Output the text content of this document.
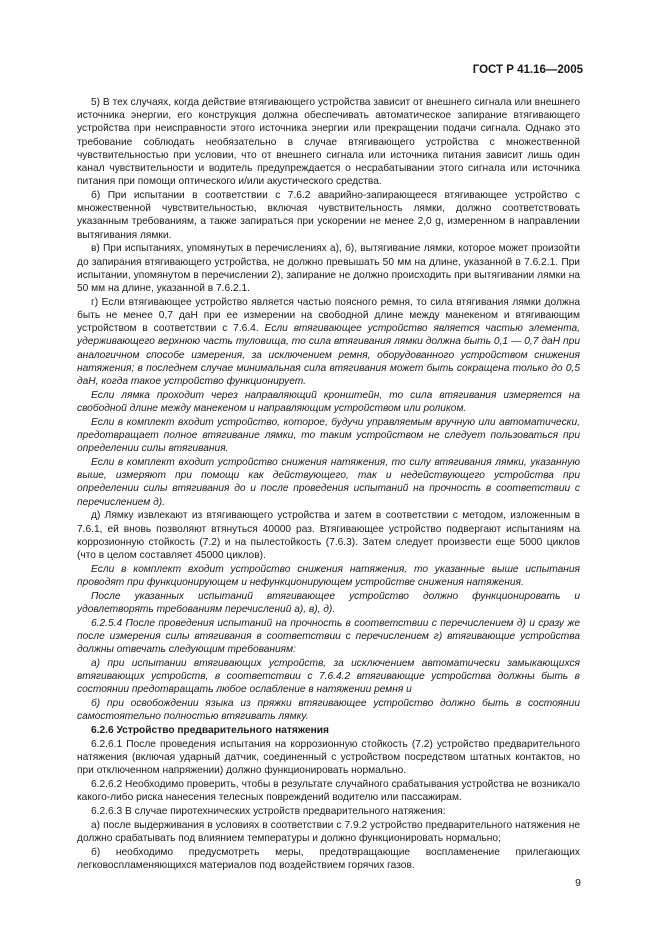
ГОСТ Р 41.16—2005

5) В тех случаях, когда действие втягивающего устройства зависит от внешнего сигнала или внешнего источника энергии, его конструкция должна обеспечивать автоматическое запирание втягивающего устройства при неисправности этого источника энергии или прекращении подачи сигнала. Однако это требование соблюдать необязательно в случае втягивающего устройства с множественной чувствительностью при условии, что от внешнего сигнала или источника питания зависит лишь один канал чувствительности и водитель предупреждается о несрабатывании этого сигнала или источника питания при помощи оптического и/или акустического средства.

б) При испытании в соответствии с 7.6.2 аварийно-запирающееся втягивающее устройство с множественной чувствительностью, включая чувствительность лямки, должно соответствовать указанным требованиям, а также запираться при ускорении не менее 2,0 g, измеренном в направлении вытягивания лямки.

в) При испытаниях, упомянутых в перечислениях а), б), вытягивание лямки, которое может произойти до запирания втягивающего устройства, не должно превышать 50 мм на длине, указанной в 7.6.2.1. При испытании, упомянутом в перечислении 2), запирание не должно происходить при вытягивании лямки на 50 мм на длине, указанной в 7.6.2.1.

г) Если втягивающее устройство является частью поясного ремня, то сила втягивания лямки должна быть не менее 0,7 даН при ее измерении на свободной длине между манекеном и втягивающим устройством в соответствии с 7.6.4. Если втягивающее устройство является частью элемента, удерживающего верхнюю часть туловища, то сила втягивания лямки должна быть 0,1 — 0,7 даН при аналогичном способе измерения, за исключением ремня, оборудованного устройством снижения натяжения; в последнем случае минимальная сила втягивания может быть сокращена только до 0,5 даН, когда такое устройство функционирует.

Если лямка проходит через направляющий кронштейн, то сила втягивания измеряется на свободной длине между манекеном и направляющим устройством или роликом.

Если в комплект входит устройство, которое, будучи управляемым вручную или автоматически, предотвращает полное втягивание лямки, то таким устройством не следует пользоваться при определении силы втягивания.

Если в комплект входит устройство снижения натяжения, то силу втягивания лямки, указанную выше, измеряют при помощи как действующего, так и недействующего устройства при определении силы втягивания до и после проведения испытаний на прочность в соответствии с перечислением д).

д) Лямку извлекают из втягивающего устройства и затем в соответствии с методом, изложенным в 7.6.1, ей вновь позволяют втянуться 40000 раз. Втягивающее устройство подвергают испытаниям на коррозионную стойкость (7.2) и на пылестойкость (7.6.3). Затем следует произвести еще 5000 циклов (что в целом составляет 45000 циклов).

Если в комплект входит устройство снижения натяжения, то указанные выше испытания проводят при функционирующем и нефункционирующем устройстве снижения натяжения.

После указанных испытаний втягивающее устройство должно функционировать и удовлетворять требованиям перечислений а), в), д).

6.2.5.4 После проведения испытаний на прочность в соответствии с перечислением д) и сразу же после измерения силы втягивания в соответствии с перечислением г) втягивающие устройства должны отвечать следующим требованиям:

а) при испытании втягивающих устройств, за исключением автоматически замыкающихся втягивающих устройств, в соответствии с 7.6.4.2 втягивающие устройства должны быть в состоянии предотвращать любое ослабление в натяжении ремня и

б) при освобождении языка из пряжки втягивающее устройство должно быть в состоянии самостоятельно полностью втягивать лямку.

6.2.6 Устройство предварительного натяжения

6.2.6.1 После проведения испытания на коррозионную стойкость (7.2) устройство предварительного натяжения (включая ударный датчик, соединенный с устройством посредством штатных контактов, но при отключенном напряжении) должно функционировать нормально.

6.2.6.2 Необходимо проверить, чтобы в результате случайного срабатывания устройства не возникало какого-либо риска нанесения телесных повреждений водителю или пассажирам.

6.2.6.3 В случае пиротехнических устройств предварительного натяжения:

а) после выдерживания в условиях в соответствии с 7.9.2 устройство предварительного натяжения не должно срабатывать под влиянием температуры и должно функционировать нормально;

б) необходимо предусмотреть меры, предотвращающие воспламенение прилегающих легковоспламеняющихся материалов под воздействием горячих газов.

9
